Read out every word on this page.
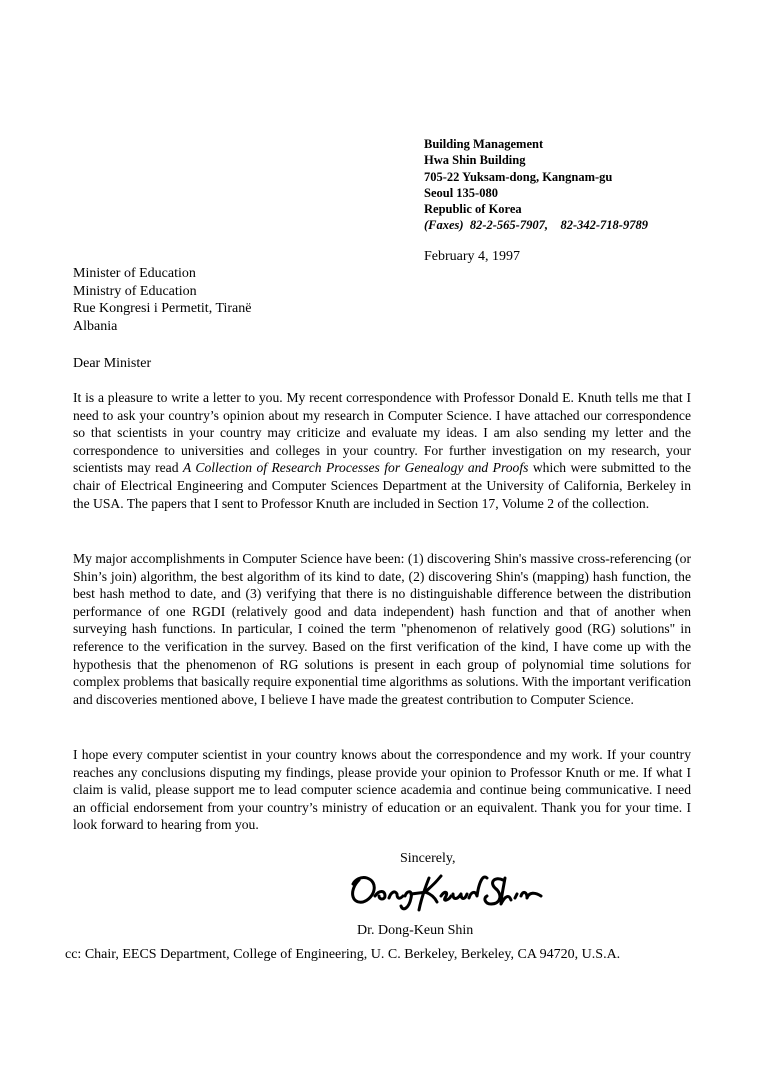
Building Management
Hwa Shin Building
705-22 Yuksam-dong, Kangnam-gu
Seoul 135-080
Republic of Korea
(Faxes) 82-2-565-7907, 82-342-718-9789
February 4, 1997
Minister of Education
Ministry of Education
Rue Kongresi i Permetit, Tiranë
Albania
Dear Minister
It is a pleasure to write a letter to you. My recent correspondence with Professor Donald E. Knuth tells me that I need to ask your country’s opinion about my research in Computer Science. I have attached our correspondence so that scientists in your country may criticize and evaluate my ideas. I am also sending my letter and the correspondence to universities and colleges in your country. For further investigation on my research, your scientists may read A Collection of Research Processes for Genealogy and Proofs which were submitted to the chair of Electrical Engineering and Computer Sciences Department at the University of California, Berkeley in the USA. The papers that I sent to Professor Knuth are included in Section 17, Volume 2 of the collection.
My major accomplishments in Computer Science have been: (1) discovering Shin's massive cross-referencing (or Shin’s join) algorithm, the best algorithm of its kind to date, (2) discovering Shin's (mapping) hash function, the best hash method to date, and (3) verifying that there is no distinguishable difference between the distribution performance of one RGDI (relatively good and data independent) hash function and that of another when surveying hash functions. In particular, I coined the term "phenomenon of relatively good (RG) solutions" in reference to the verification in the survey. Based on the first verification of the kind, I have come up with the hypothesis that the phenomenon of RG solutions is present in each group of polynomial time solutions for complex problems that basically require exponential time algorithms as solutions. With the important verification and discoveries mentioned above, I believe I have made the greatest contribution to Computer Science.
I hope every computer scientist in your country knows about the correspondence and my work. If your country reaches any conclusions disputing my findings, please provide your opinion to Professor Knuth or me. If what I claim is valid, please support me to lead computer science academia and continue being communicative. I need an official endorsement from your country’s ministry of education or an equivalent. Thank you for your time. I look forward to hearing from you.
Sincerely,
Dr. Dong-Keun Shin
cc: Chair, EECS Department, College of Engineering, U. C. Berkeley, Berkeley, CA 94720, U.S.A.
